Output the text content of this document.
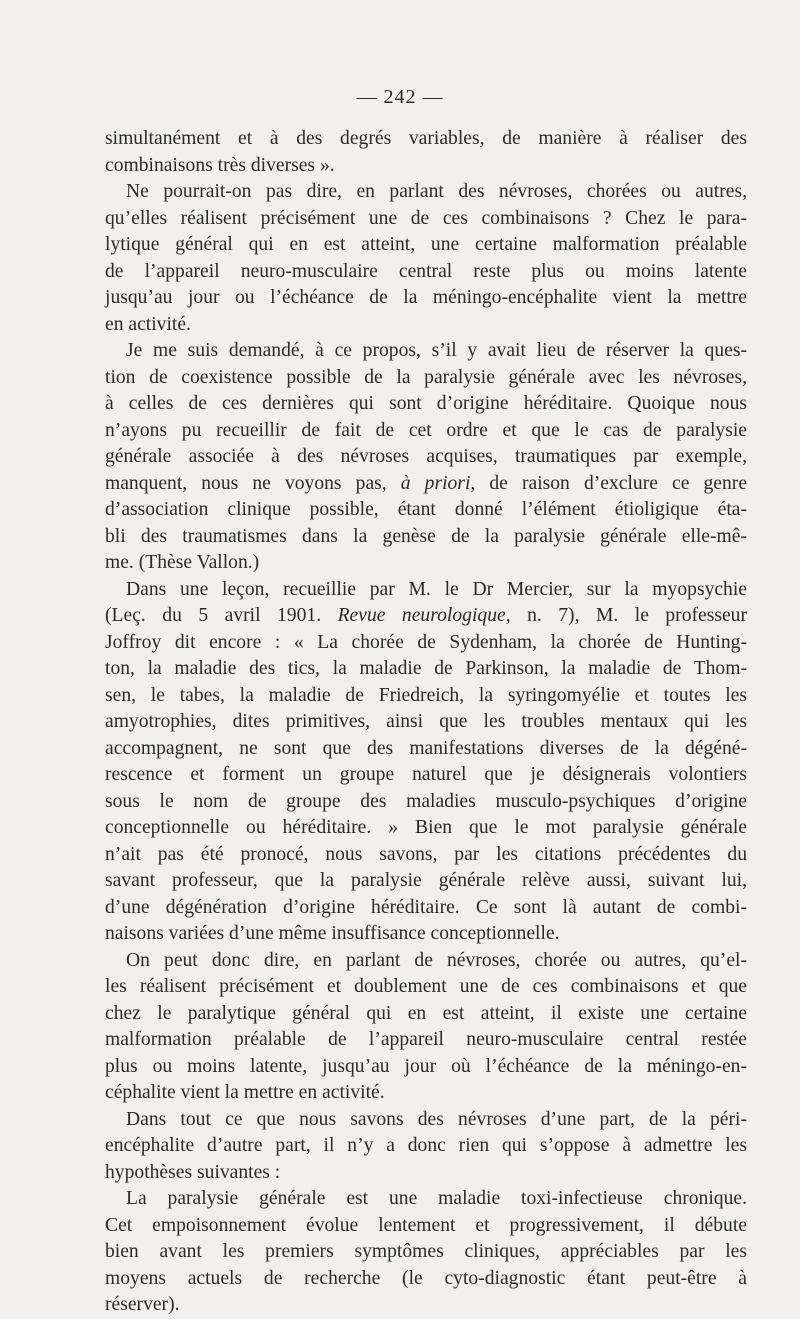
— 242 —
simultanément et à des degrés variables, de manière à réaliser des
combinaisons très diverses ».
Ne pourrait-on pas dire, en parlant des névroses, chorées ou autres,
qu’elles réalisent précisément une de ces combinaisons ? Chez le para-
lytique général qui en est atteint, une certaine malformation préalable
de l’appareil neuro-musculaire central reste plus ou moins latente
jusqu’au jour ou l’échéance de la méningo-encéphalite vient la mettre
en activité.
Je me suis demandé, à ce propos, s’il y avait lieu de réserver la ques-
tion de coexistence possible de la paralysie générale avec les névroses,
à celles de ces dernières qui sont d’origine héréditaire. Quoique nous
n’ayons pu recueillir de fait de cet ordre et que le cas de paralysie
générale associée à des névroses acquises, traumatiques par exemple,
manquent, nous ne voyons pas, à priori, de raison d’exclure ce genre
d’association clinique possible, étant donné l’élément étioligique éta-
bli des traumatismes dans la genèse de la paralysie générale elle-mê-
me. (Thèse Vallon.)
Dans une leçon, recueillie par M. le Dr Mercier, sur la myopsychie
(Leç. du 5 avril 1901. Revue neurologique, n. 7), M. le professeur
Joffroy dit encore : « La chorée de Sydenham, la chorée de Hunting-
ton, la maladie des tics, la maladie de Parkinson, la maladie de Thom-
sen, le tabes, la maladie de Friedreich, la syringomyélie et toutes les
amyotrophies, dites primitives, ainsi que les troubles mentaux qui les
accompagnent, ne sont que des manifestations diverses de la dégéné-
rescence et forment un groupe naturel que je désignerais volontiers
sous le nom de groupe des maladies musculo-psychiques d’origine
conceptionnelle ou héréditaire. » Bien que le mot paralysie générale
n’ait pas été pronocé, nous savons, par les citations précédentes du
savant professeur, que la paralysie générale relève aussi, suivant lui,
d’une dégénération d’origine héréditaire. Ce sont là autant de combi-
naisons variées d’une même insuffisance conceptionnelle.
On peut donc dire, en parlant de névroses, chorée ou autres, qu’el-
les réalisent précisément et doublement une de ces combinaisons et que
chez le paralytique général qui en est atteint, il existe une certaine
malformation préalable de l’appareil neuro-musculaire central restée
plus ou moins latente, jusqu’au jour où l’échéance de la méningo-en-
céphalite vient la mettre en activité.
Dans tout ce que nous savons des névroses d’une part, de la péri-
encéphalite d’autre part, il n’y a donc rien qui s’oppose à admettre les
hypothèses suivantes :
La paralysie générale est une maladie toxi-infectieuse chronique.
Cet empoisonnement évolue lentement et progressivement, il débute
bien avant les premiers symptômes cliniques, appréciables par les
moyens actuels de recherche (le cyto-diagnostic étant peut-être à
réserver).
